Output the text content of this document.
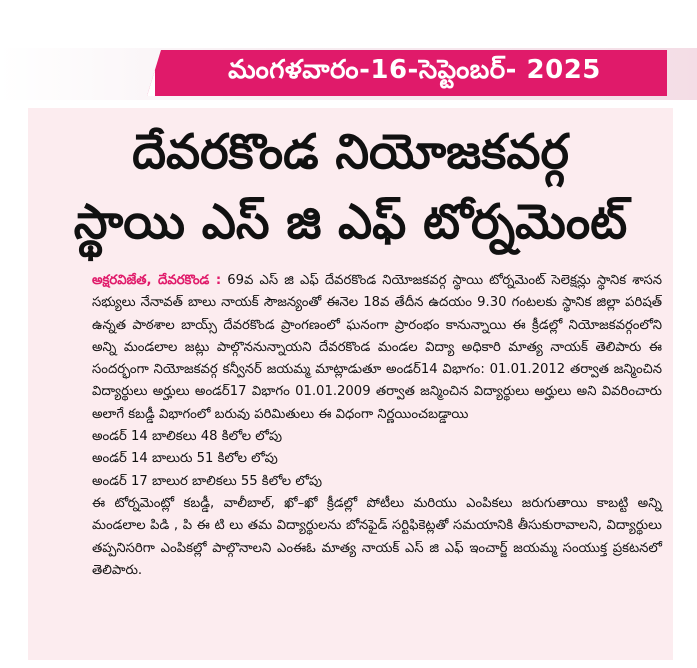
మంగళవారం-16-సెప్టెంబర్- 2025
దేవరకొండ నియోజకవర్గ
స్థాయి ఎస్ జి ఎఫ్ టోర్నమెంట్

అక్షరవిజేత, దేవరకొండ : 69వ ఎస్ జి ఎఫ్ దేవరకొండ నియోజకవర్గ స్థాయి టోర్నమెంట్ సెలెక్షన్లు స్థానిక శాసన సభ్యులు నేనావత్ బాలు నాయక్ సౌజన్యంతో ఈనెల 18వ తేదీన ఉదయం 9.30 గంటలకు స్థానిక జిల్లా పరిషత్ ఉన్నత పాఠశాల బాయ్స్ దేవరకొండ ప్రాంగణంలో ఘనంగా ప్రారంభం కానున్నాయి ఈ క్రీడల్లో నియోజకవర్గంలోని అన్ని మండలాల జట్లు పాల్గొననున్నాయని దేవరకొండ మండల విద్యా అధికారి మాత్య నాయక్ తెలిపారు ఈ సందర్భంగా నియోజకవర్గ కన్వీనర్ జయమ్మ మాట్లాడుతూ అండర్14 విభాగం: 01.01.2012 తర్వాత జన్మించిన విద్యార్థులు అర్హులు అండర్17 విభాగం 01.01.2009 తర్వాత జన్మించిన విద్యార్థులు అర్హులు అని వివరించారు అలాగే కబడ్డీ విభాగంలో బరువు పరిమితులు ఈ విధంగా నిర్ణయించబడ్డాయి

అండర్ 14 బాలికలు 48 కిలోల లోపు
అండర్ 14 బాలురు 51 కిలోల లోపు
అండర్ 17 బాలుర బాలికలు 55 కిలోల లోపు

ఈ టోర్నమెంట్లో కబడ్డీ, వాలీబాల్, ఖో–ఖో క్రీడల్లో పోటీలు మరియు ఎంపికలు జరుగుతాయి కాబట్టి అన్ని మండలాల పిడి , పి ఈ టి లు తమ విద్యార్థులను బోనఫైడ్ సర్టిఫికెట్లతో సమయానికి తీసుకురావాలని, విద్యార్థులు తప్పనిసరిగా ఎంపికల్లో పాల్గొనాలని ఎంఈఓ మాత్య నాయక్ ఎస్ జి ఎఫ్ ఇంచార్జ్ జయమ్మ సంయుక్త ప్రకటనలో తెలిపారు.
